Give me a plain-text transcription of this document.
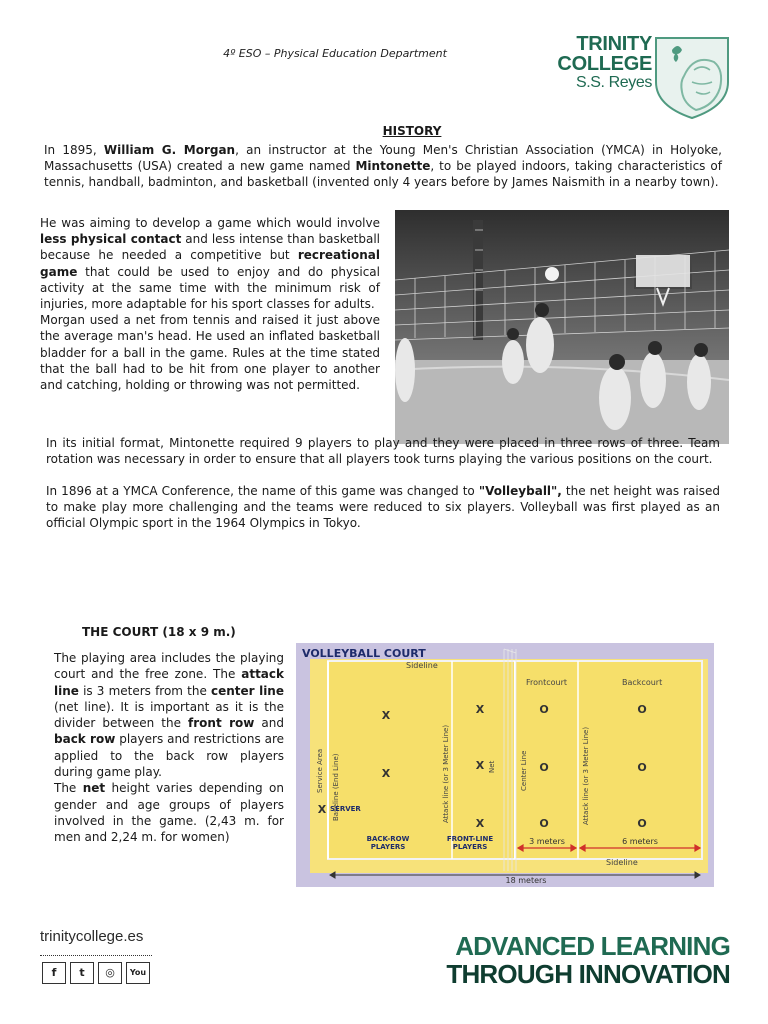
4º ESO – Physical Education Department	TRINITY
COLLEGE
S.S. Reyes
HISTORY
In 1895, William G. Morgan, an instructor at the Young Men's Christian Association (YMCA) in Holyoke, Massachusetts (USA) created a new game named Mintonette, to be played indoors, taking characteristics of tennis, handball, badminton, and basketball (invented only 4 years before by James Naismith in a nearby town).
He was aiming to develop a game which would involve less physical contact and less intense than basketball because he needed a competitive but recreational game that could be used to enjoy and do physical activity at the same time with the minimum risk of injuries, more adaptable for his sport classes for adults.
Morgan used a net from tennis and raised it just above the average man's head. He used an inflated basketball bladder for a ball in the game. Rules at the time stated that the ball had to be hit from one player to another and catching, holding or throwing was not permitted.
In its initial format, Mintonette required 9 players to play and they were placed in three rows of three. Team rotation was necessary in order to ensure that all players took turns playing the various positions on the court.
In 1896 at a YMCA Conference, the name of this game was changed to "Volleyball", the net height was raised to make play more challenging and the teams were reduced to six players. Volleyball was first played as an official Olympic sport in the 1964 Olympics in Tokyo.
THE COURT (18 x 9 m.)
The playing area includes the playing court and the free zone. The attack line is 3 meters from the center line (net line). It is important as it is the divider between the front row and back row players and restrictions are applied to the back row players during game play.
The net height varies depending on gender and age groups of players involved in the game. (2,43 m. for men and 2,24 m. for women)
VOLLEYBALL COURT
Sideline
Frontcourt	Backcourt
Sideline
Service Area Baseline (End Line)	Attack line (or 3 Meter Line)	Net	Center Line	Attack line (or 3 Meter Line)
X
X
X
X
X
X
O
O
O
O
O
O
SERVER
BACK-ROW
PLAYERS
FRONT-LINE
PLAYERS
3 meters	6 meters
18 meters
trinitycollege.es
f	t	◎	You
ADVANCED LEARNING
THROUGH INNOVATION
